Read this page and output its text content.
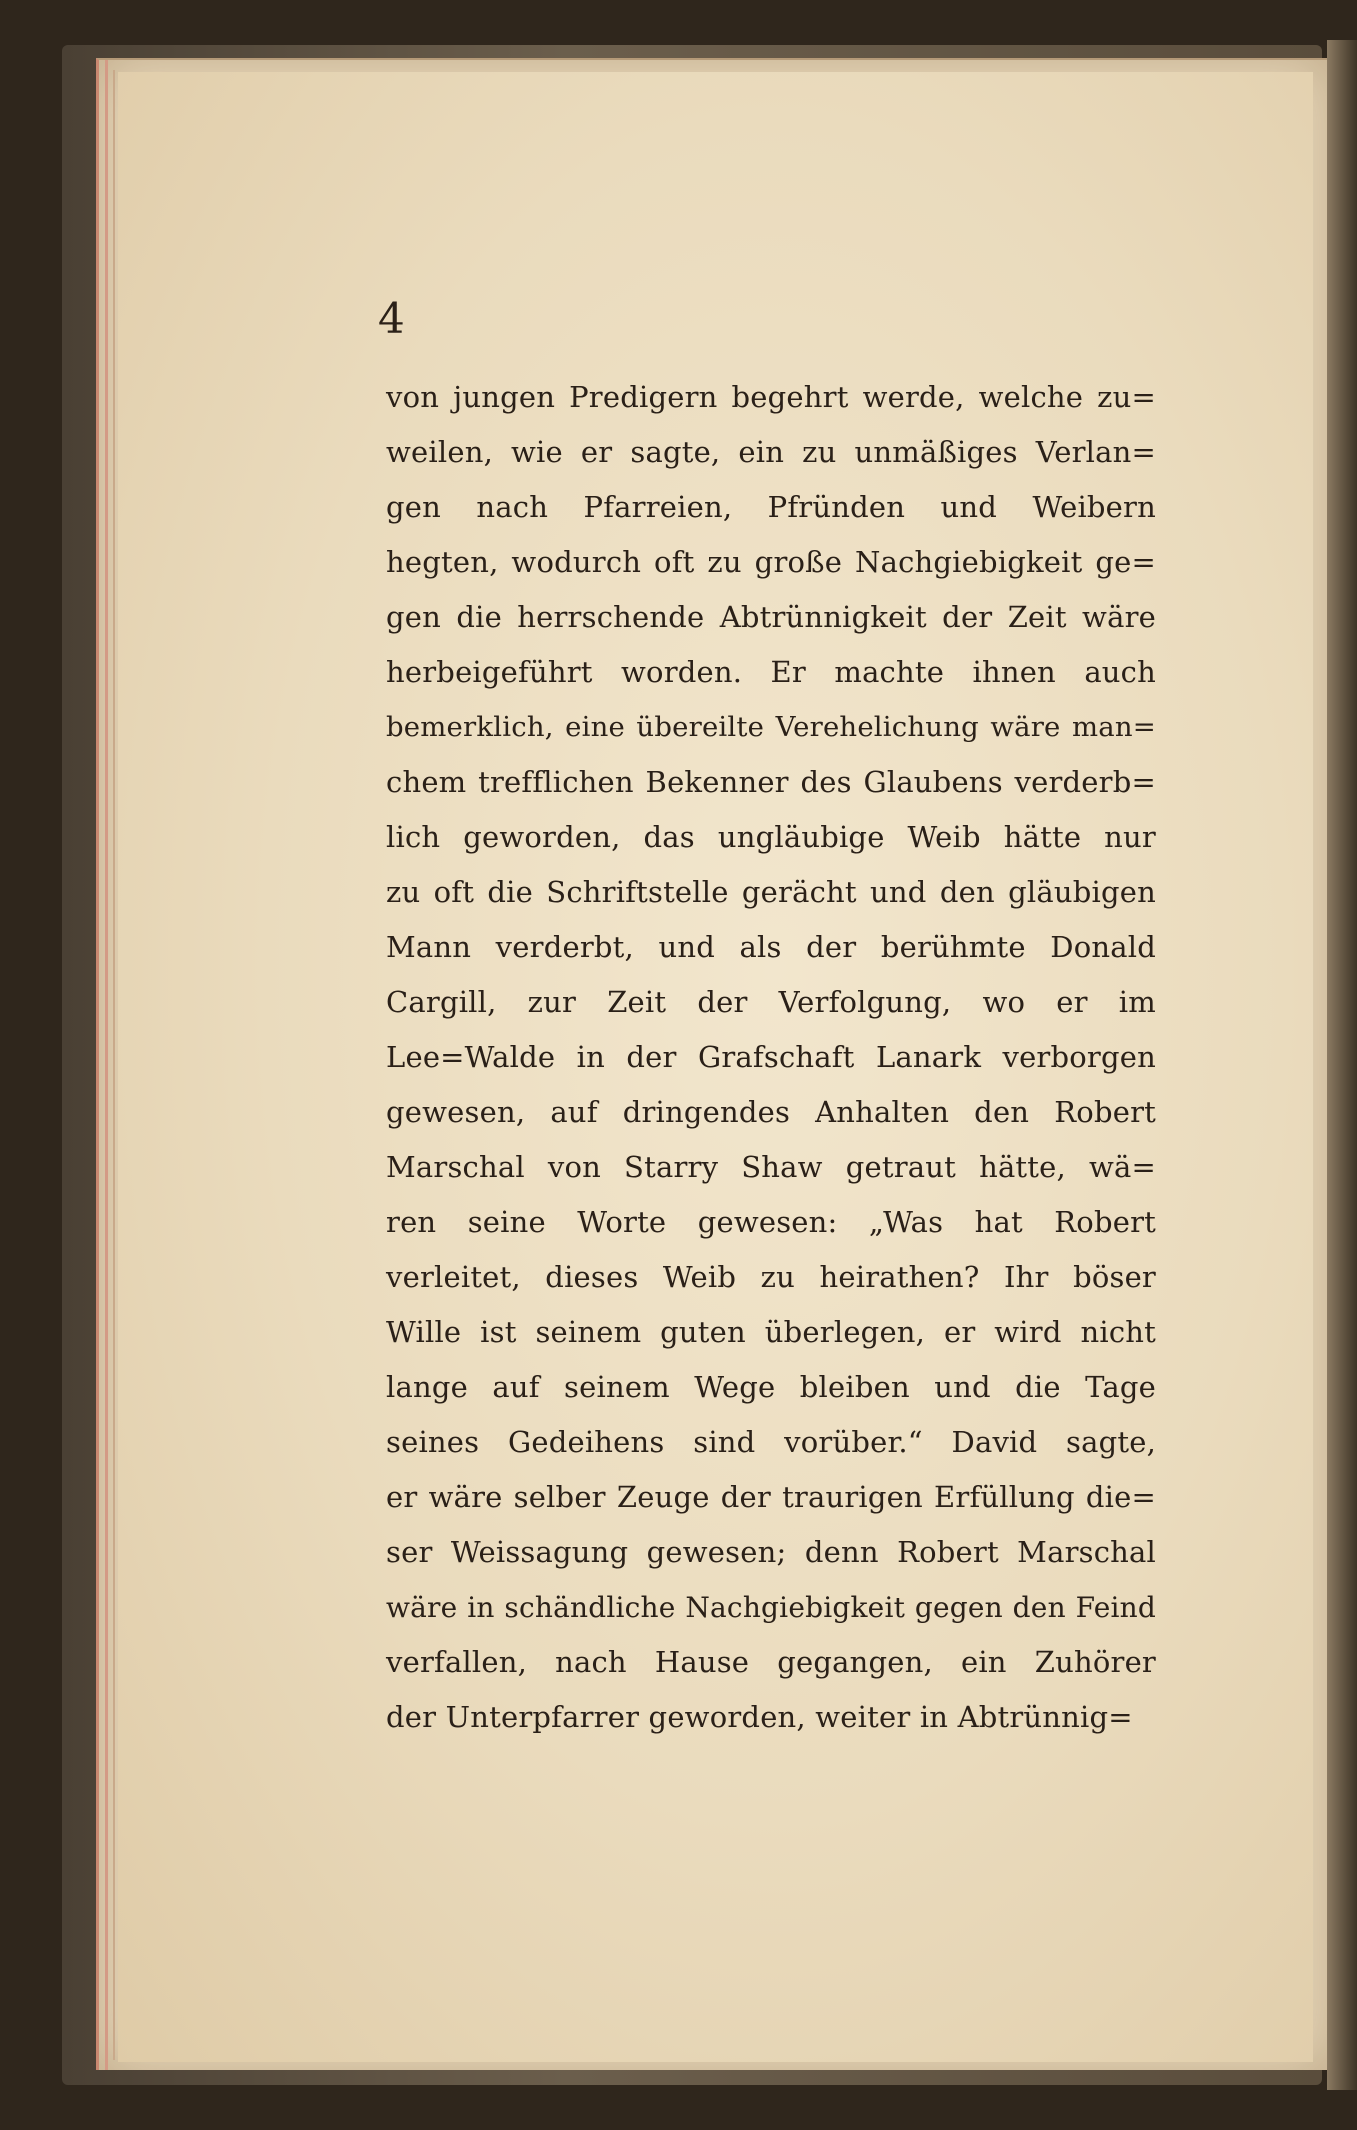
4
von jungen Predigern begehrt werde, welche zu=
weilen, wie er sagte, ein zu unmäßiges Verlan=
gen nach Pfarreien, Pfründen und Weibern
hegten, wodurch oft zu große Nachgiebigkeit ge=
gen die herrschende Abtrünnigkeit der Zeit wäre
herbeigeführt worden. Er machte ihnen auch
bemerklich, eine übereilte Verehelichung wäre man=
chem trefflichen Bekenner des Glaubens verderb=
lich geworden, das ungläubige Weib hätte nur
zu oft die Schriftstelle gerächt und den gläubigen
Mann verderbt, und als der berühmte Donald
Cargill, zur Zeit der Verfolgung, wo er im
Lee=Walde in der Grafschaft Lanark verborgen
gewesen, auf dringendes Anhalten den Robert
Marschal von Starry Shaw getraut hätte, wä=
ren seine Worte gewesen: „Was hat Robert
verleitet, dieses Weib zu heirathen? Ihr böser
Wille ist seinem guten überlegen, er wird nicht
lange auf seinem Wege bleiben und die Tage
seines Gedeihens sind vorüber.“ David sagte,
er wäre selber Zeuge der traurigen Erfüllung die=
ser Weissagung gewesen; denn Robert Marschal
wäre in schändliche Nachgiebigkeit gegen den Feind
verfallen, nach Hause gegangen, ein Zuhörer
der Unterpfarrer geworden, weiter in Abtrünnig=
